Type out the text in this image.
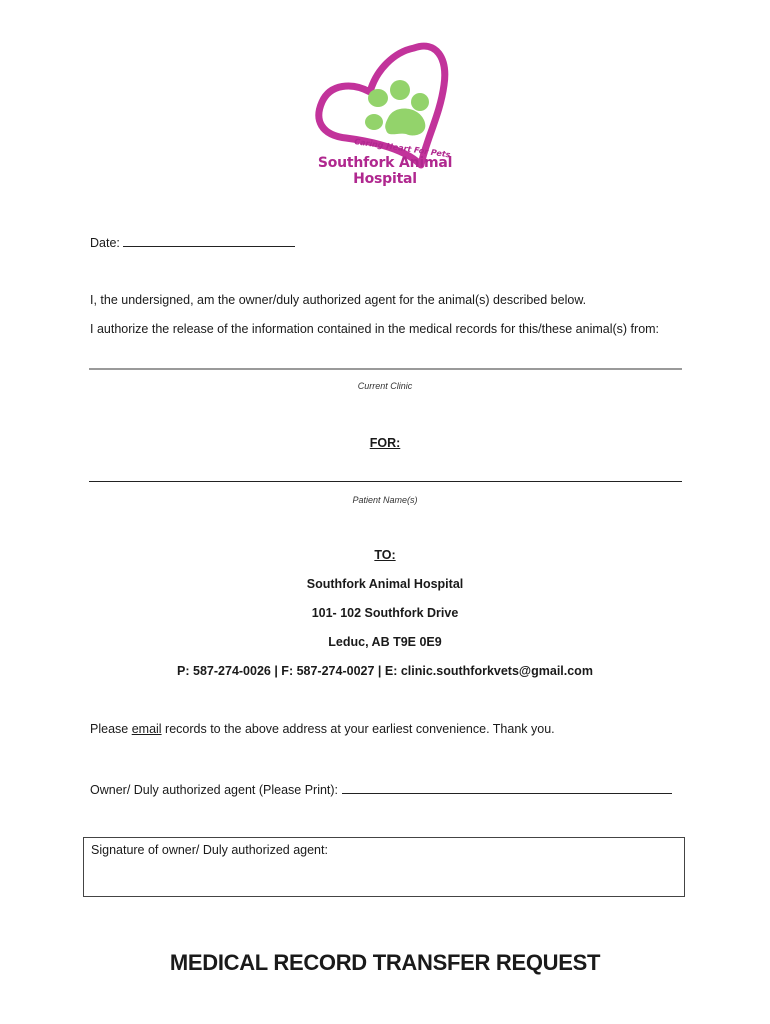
Caring Heart For Pets
Southfork Animal Hospital
Date:
I, the undersigned, am the owner/duly authorized agent for the animal(s) described below.
I authorize the release of the information contained in the medical records for this/these animal(s) from:
Current Clinic
FOR:
Patient Name(s)
TO:
Southfork Animal Hospital
101- 102 Southfork Drive
Leduc, AB T9E 0E9
P: 587-274-0026 | F: 587-274-0027 | E: clinic.southforkvets@gmail.com
Please email records to the above address at your earliest convenience. Thank you.
Owner/ Duly authorized agent (Please Print):
Signature of owner/ Duly authorized agent:
MEDICAL RECORD TRANSFER REQUEST
